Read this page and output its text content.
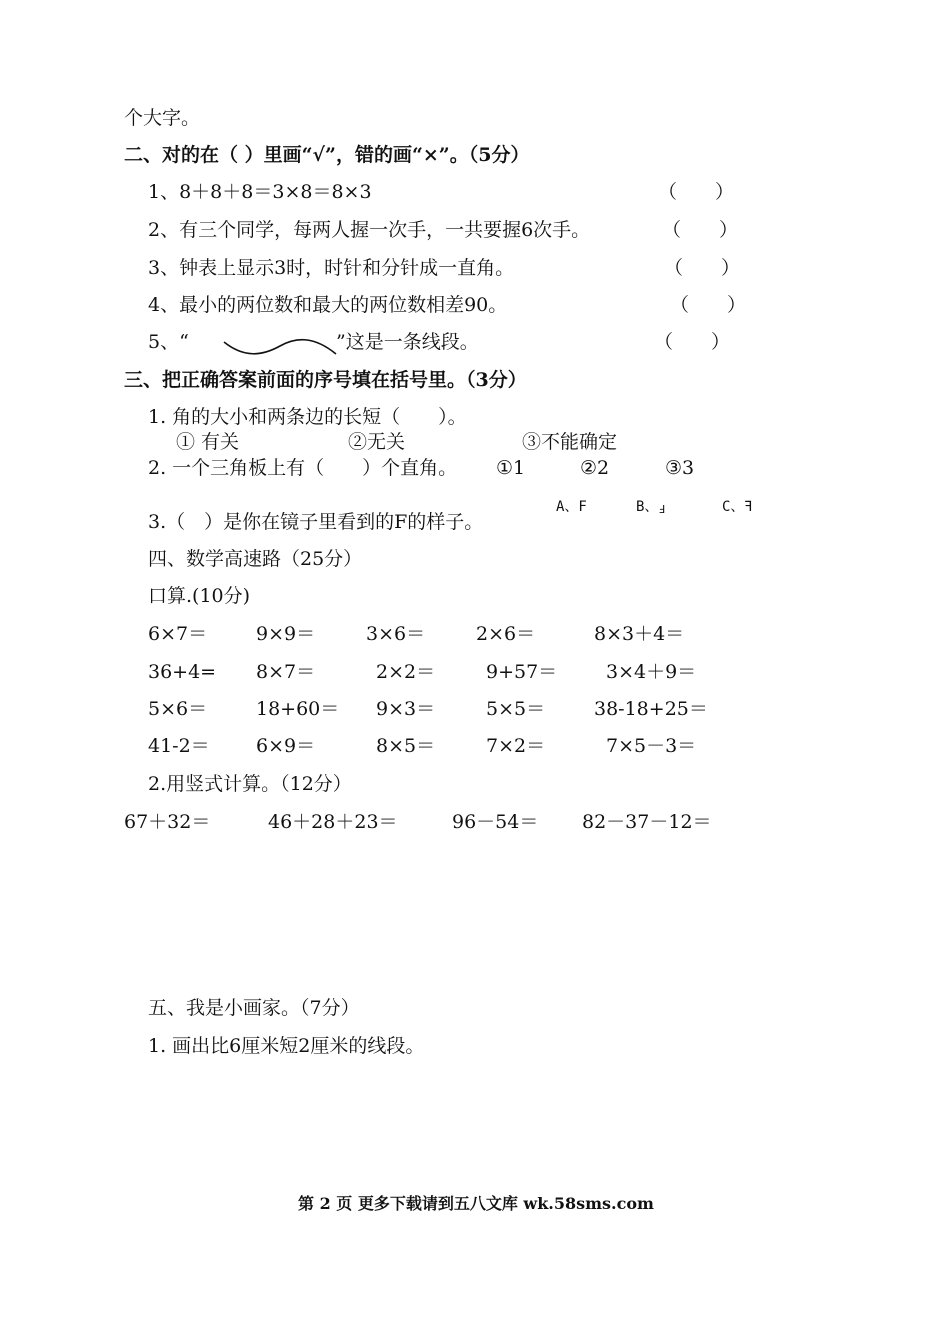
个大字。
二、对的在（ ）里画“√”，错的画“×”。（5分）
1、8＋8＋8＝3×8＝8×3	（　　）
2、有三个同学，每两人握一次手，一共要握6次手。	（　　）
3、钟表上显示3时，时针和分针成一直角。	（　　）
4、最小的两位数和最大的两位数相差90。	（　　）
5、“	”这是一条线段。	（　　）
三、把正确答案前面的序号填在括号里。（3分）
1. 角的大小和两条边的长短（　　）。
① 有关	②无关	③不能确定
2. 一个三角板上有（　　）个直角。 ①1	②2	③3
3.（　）是你在镜子里看到的F的样子。
A、F	B、Ⅎ	C、ꟻ
四、数学高速路（25分）
口算.(10分)
6×7＝	9×9＝	3×6＝	2×6＝	8×3＋4＝
36+4= 8×7＝	2×2＝	9+57＝	3×4＋9＝
5×6＝	18+60＝ 9×3＝	5×5＝	38-18+25＝
41-2＝ 6×9＝	8×5＝	7×2＝	7×5－3＝
2.用竖式计算。（12分）
67＋32＝	46＋28＋23＝	96－54＝ 82－37－12＝
五、我是小画家。（7分）
1. 画出比6厘米短2厘米的线段。
第 2 页 更多下载请到五八文库 wk.58sms.com
